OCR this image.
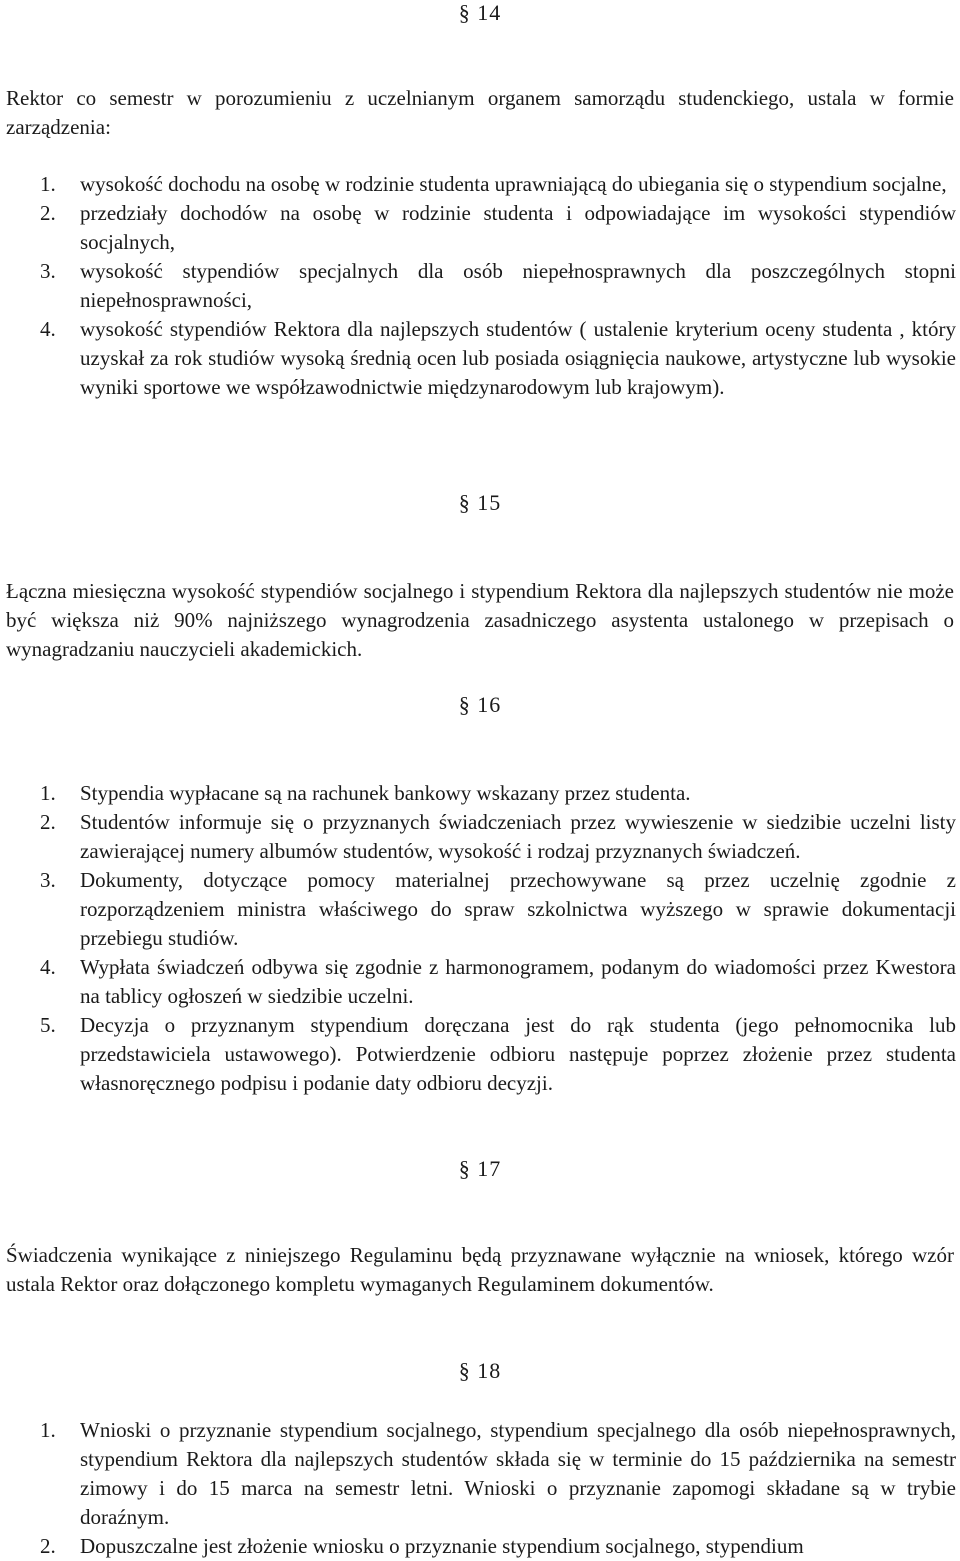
§ 14

Rektor co semestr w porozumieniu z uczelnianym organem samorządu studenckiego, ustala w formie zarządzenia:

1. wysokość dochodu na osobę w rodzinie studenta uprawniającą do ubiegania się o stypendium socjalne,
2. przedziały dochodów na osobę w rodzinie studenta i odpowiadające im wysokości stypendiów socjalnych,
3. wysokość stypendiów specjalnych dla osób niepełnosprawnych dla poszczególnych stopni niepełnosprawności,
4. wysokość stypendiów Rektora dla najlepszych studentów ( ustalenie kryterium oceny studenta , który uzyskał za rok studiów wysoką średnią ocen lub posiada osiągnięcia naukowe, artystyczne lub wysokie wyniki sportowe we współzawodnictwie międzynarodowym lub krajowym).
§ 15

Łączna miesięczna wysokość stypendiów socjalnego i stypendium Rektora dla najlepszych studentów nie może być większa niż 90% najniższego wynagrodzenia zasadniczego asystenta ustalonego w przepisach o wynagradzaniu nauczycieli akademickich.

§ 16
1. Stypendia wypłacane są na rachunek bankowy wskazany przez studenta.
2. Studentów informuje się o przyznanych świadczeniach przez wywieszenie w siedzibie uczelni listy zawierającej numery albumów studentów, wysokość i rodzaj przyznanych świadczeń.
3. Dokumenty, dotyczące pomocy materialnej przechowywane są przez uczelnię zgodnie z rozporządzeniem ministra właściwego do spraw szkolnictwa wyższego w sprawie dokumentacji przebiegu studiów.
4. Wypłata świadczeń odbywa się zgodnie z harmonogramem, podanym do wiadomości przez Kwestora na tablicy ogłoszeń w siedzibie uczelni.
5. Decyzja o przyznanym stypendium doręczana jest do rąk studenta (jego pełnomocnika lub przedstawiciela ustawowego). Potwierdzenie odbioru następuje poprzez złożenie przez studenta własnoręcznego podpisu i podanie daty odbioru decyzji.
§ 17

Świadczenia wynikające z niniejszego Regulaminu będą przyznawane wyłącznie na wniosek, którego wzór ustala Rektor oraz dołączonego kompletu wymaganych Regulaminem dokumentów.

§ 18
1. Wnioski o przyznanie stypendium socjalnego, stypendium specjalnego dla osób niepełnosprawnych, stypendium Rektora dla najlepszych studentów składa się w terminie do 15 października na semestr zimowy i do 15 marca na semestr letni. Wnioski o przyznanie zapomogi składane są w trybie doraźnym.
2. Dopuszczalne jest złożenie wniosku o przyznanie stypendium socjalnego, stypendium
